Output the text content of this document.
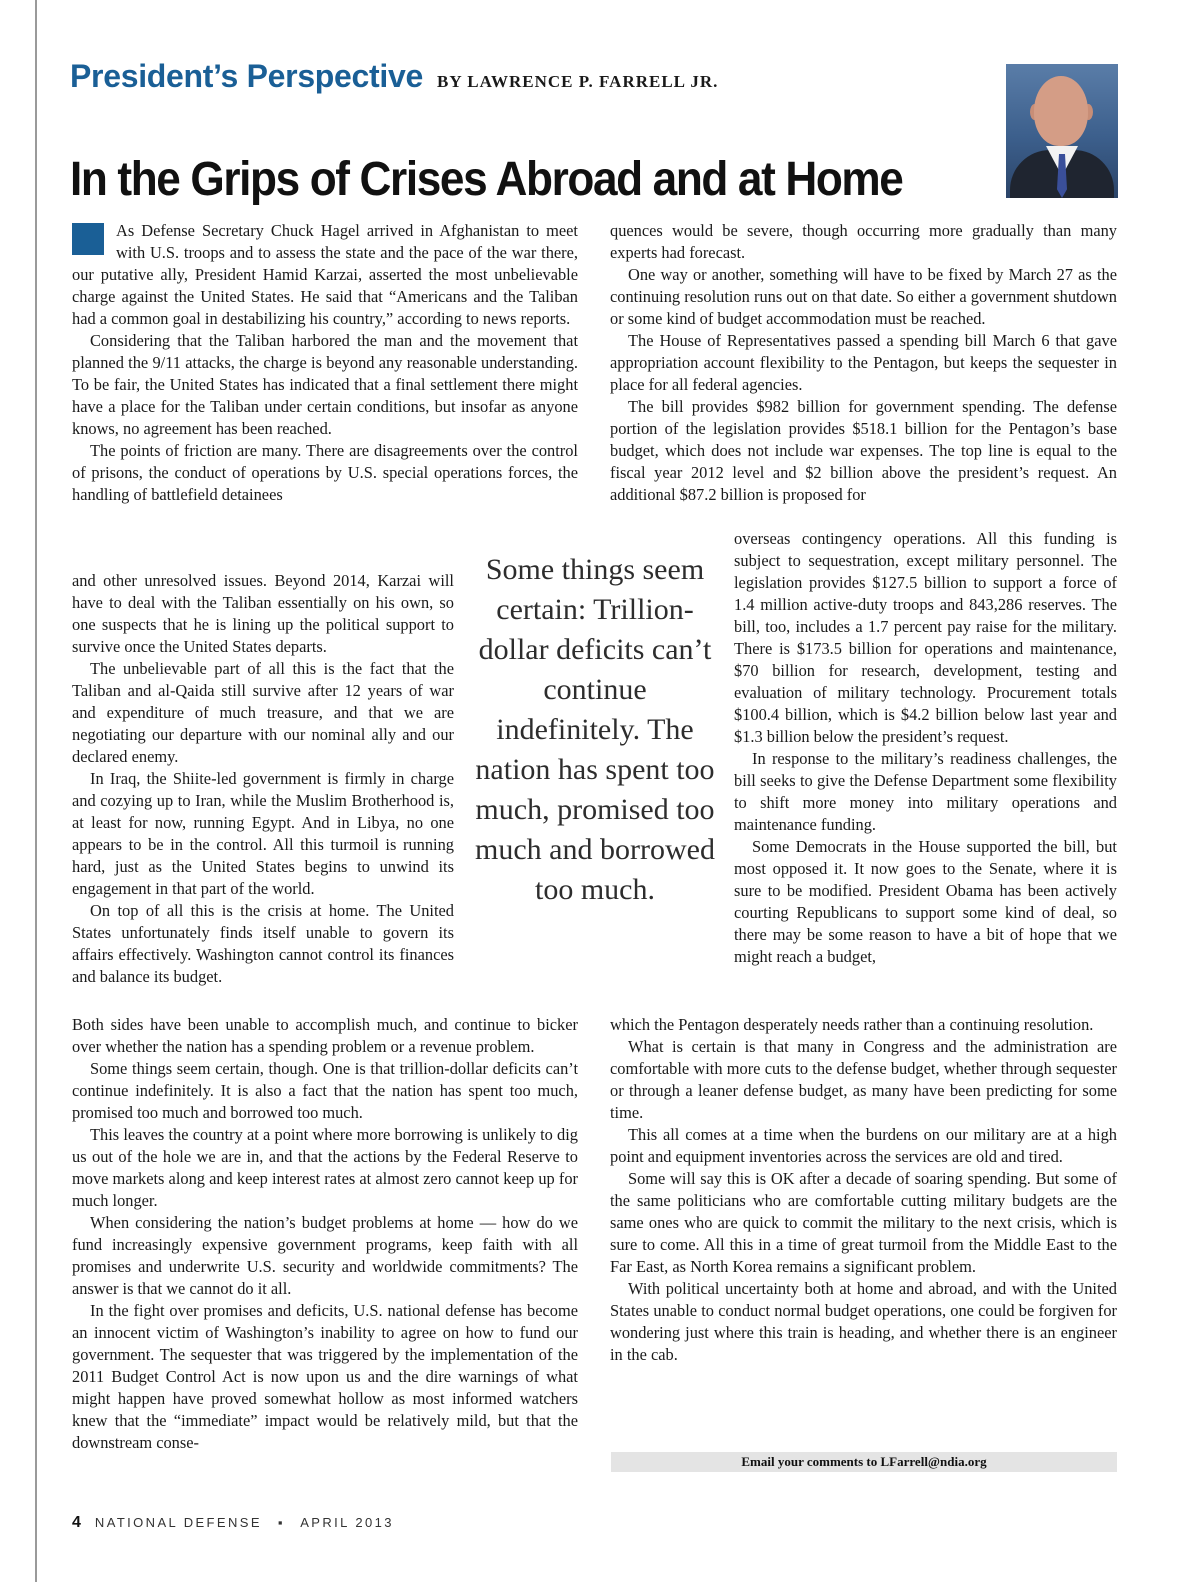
President’s Perspective BY LAWRENCE P. FARRELL JR.
In the Grips of Crises Abroad and at Home

As Defense Secretary Chuck Hagel arrived in Afghanistan to meet with U.S. troops and to assess the state and the pace of the war there, our putative ally, President Hamid Karzai, asserted the most unbelievable charge against the United States. He said that “Americans and the Taliban had a common goal in destabilizing his country,” according to news reports.

Considering that the Taliban harbored the man and the movement that planned the 9/11 attacks, the charge is beyond any reasonable understanding. To be fair, the United States has indicated that a final settlement there might have a place for the Taliban under certain conditions, but insofar as anyone knows, no agreement has been reached.

The points of friction are many. There are disagreements over the control of prisons, the conduct of operations by U.S. special operations forces, the handling of battlefield detainees

and other unresolved issues. Beyond 2014, Karzai will have to deal with the Taliban essentially on his own, so one suspects that he is lining up the political support to survive once the United States departs.

The unbelievable part of all this is the fact that the Taliban and al-Qaida still survive after 12 years of war and expenditure of much treasure, and that we are negotiating our departure with our nominal ally and our declared enemy.

In Iraq, the Shiite-led government is firmly in charge and cozying up to Iran, while the Muslim Brotherhood is, at least for now, running Egypt. And in Libya, no one appears to be in the control. All this turmoil is running hard, just as the United States begins to unwind its engagement in that part of the world.

On top of all this is the crisis at home. The United States unfortunately finds itself unable to govern its affairs effectively. Washington cannot control its finances and balance its budget.

Both sides have been unable to accomplish much, and continue to bicker over whether the nation has a spending problem or a revenue problem.

Some things seem certain, though. One is that trillion-dollar deficits can’t continue indefinitely. It is also a fact that the nation has spent too much, promised too much and borrowed too much.

This leaves the country at a point where more borrowing is unlikely to dig us out of the hole we are in, and that the actions by the Federal Reserve to move markets along and keep interest rates at almost zero cannot keep up for much longer.

When considering the nation’s budget problems at home — how do we fund increasingly expensive government programs, keep faith with all promises and underwrite U.S. security and worldwide commitments? The answer is that we cannot do it all.

In the fight over promises and deficits, U.S. national defense has become an innocent victim of Washington’s inability to agree on how to fund our government. The sequester that was triggered by the implementation of the 2011 Budget Control Act is now upon us and the dire warnings of what might happen have proved somewhat hollow as most informed watchers knew that the “immediate” impact would be relatively mild, but that the downstream conse-

Some things seem certain: Trillion-dollar deficits can’t continue indefinitely. The nation has spent too much, promised too much and borrowed too much.

quences would be severe, though occurring more gradually than many experts had forecast.

One way or another, something will have to be fixed by March 27 as the continuing resolution runs out on that date. So either a government shutdown or some kind of budget accommodation must be reached.

The House of Representatives passed a spending bill March 6 that gave appropriation account flexibility to the Pentagon, but keeps the sequester in place for all federal agencies.

The bill provides $982 billion for government spending. The defense portion of the legislation provides $518.1 billion for the Pentagon’s base budget, which does not include war expenses. The top line is equal to the fiscal year 2012 level and $2 billion above the president’s request. An additional $87.2 billion is proposed for

overseas contingency operations. All this funding is subject to sequestration, except military personnel. The legislation provides $127.5 billion to support a force of 1.4 million active-duty troops and 843,286 reserves. The bill, too, includes a 1.7 percent pay raise for the military. There is $173.5 billion for operations and maintenance, $70 billion for research, development, testing and evaluation of military technology. Procurement totals $100.4 billion, which is $4.2 billion below last year and $1.3 billion below the president’s request.

In response to the military’s readiness challenges, the bill seeks to give the Defense Department some flexibility to shift more money into military operations and maintenance funding.

Some Democrats in the House supported the bill, but most opposed it. It now goes to the Senate, where it is sure to be modified. President Obama has been actively courting Republicans to support some kind of deal, so there may be some reason to have a bit of hope that we might reach a budget,

which the Pentagon desperately needs rather than a continuing resolution.

What is certain is that many in Congress and the administration are comfortable with more cuts to the defense budget, whether through sequester or through a leaner defense budget, as many have been predicting for some time.

This all comes at a time when the burdens on our military are at a high point and equipment inventories across the services are old and tired.

Some will say this is OK after a decade of soaring spending. But some of the same politicians who are comfortable cutting military budgets are the same ones who are quick to commit the military to the next crisis, which is sure to come. All this in a time of great turmoil from the Middle East to the Far East, as North Korea remains a significant problem.

With political uncertainty both at home and abroad, and with the United States unable to conduct normal budget operations, one could be forgiven for wondering just where this train is heading, and whether there is an engineer in the cab.

Email your comments to LFarrell@ndia.org
4 NATIONAL DEFENSE ▪ APRIL 2013
